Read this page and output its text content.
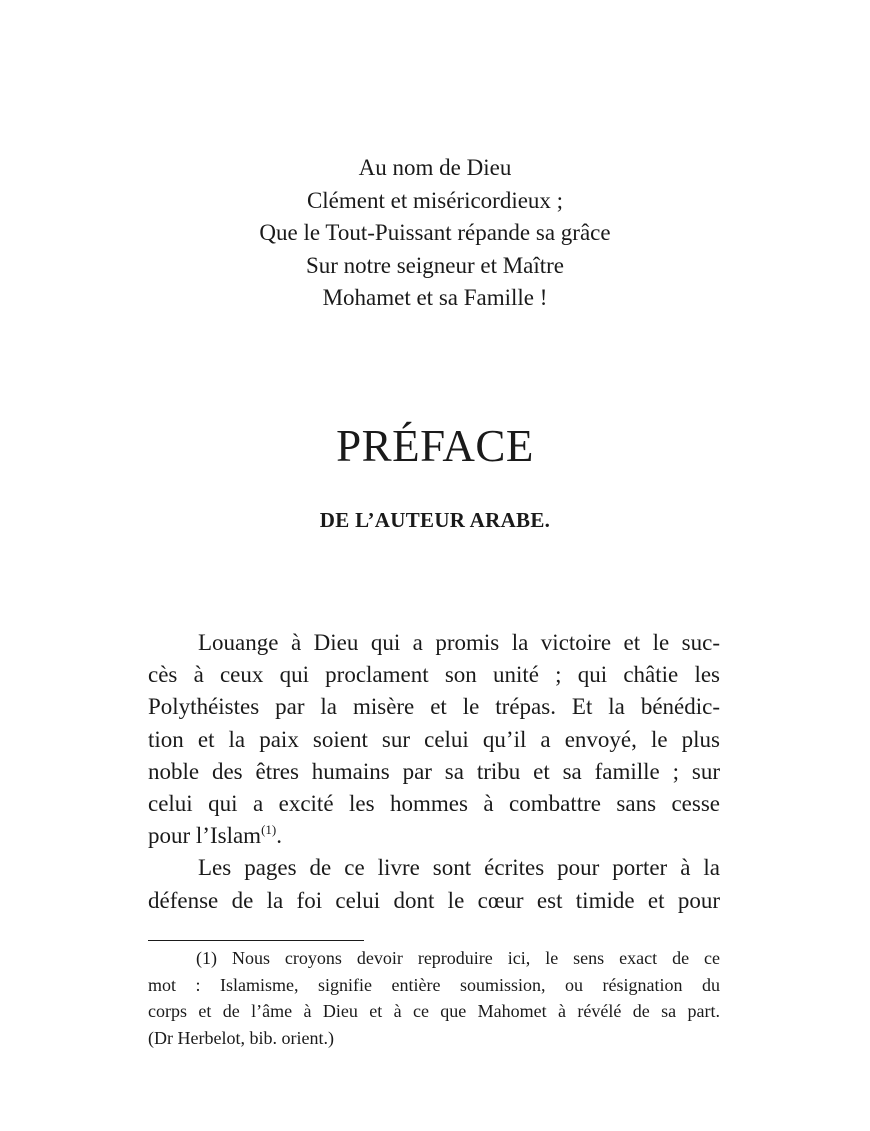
Au nom de Dieu
Clément et miséricordieux ;
Que le Tout-Puissant répande sa grâce
Sur notre seigneur et Maître
Mohamet et sa Famille !
PRÉFACE
DE L’AUTEUR ARABE.
Louange à Dieu qui a promis la victoire et le suc-
cès à ceux qui proclament son unité ; qui châtie les
Polythéistes par la misère et le trépas. Et la bénédic-
tion et la paix soient sur celui qu’il a envoyé, le plus
noble des êtres humains par sa tribu et sa famille ; sur
celui qui a excité les hommes à combattre sans cesse
pour l’Islam$^{(1)}$.
Les pages de ce livre sont écrites pour porter à la
défense de la foi celui dont le cœur est timide et pour
(1) Nous croyons devoir reproduire ici, le sens exact de ce
mot : Islamisme, signifie entière soumission, ou résignation du
corps et de l’âme à Dieu et à ce que Mahomet à révélé de sa part.
(Dr Herbelot, bib. orient.)
